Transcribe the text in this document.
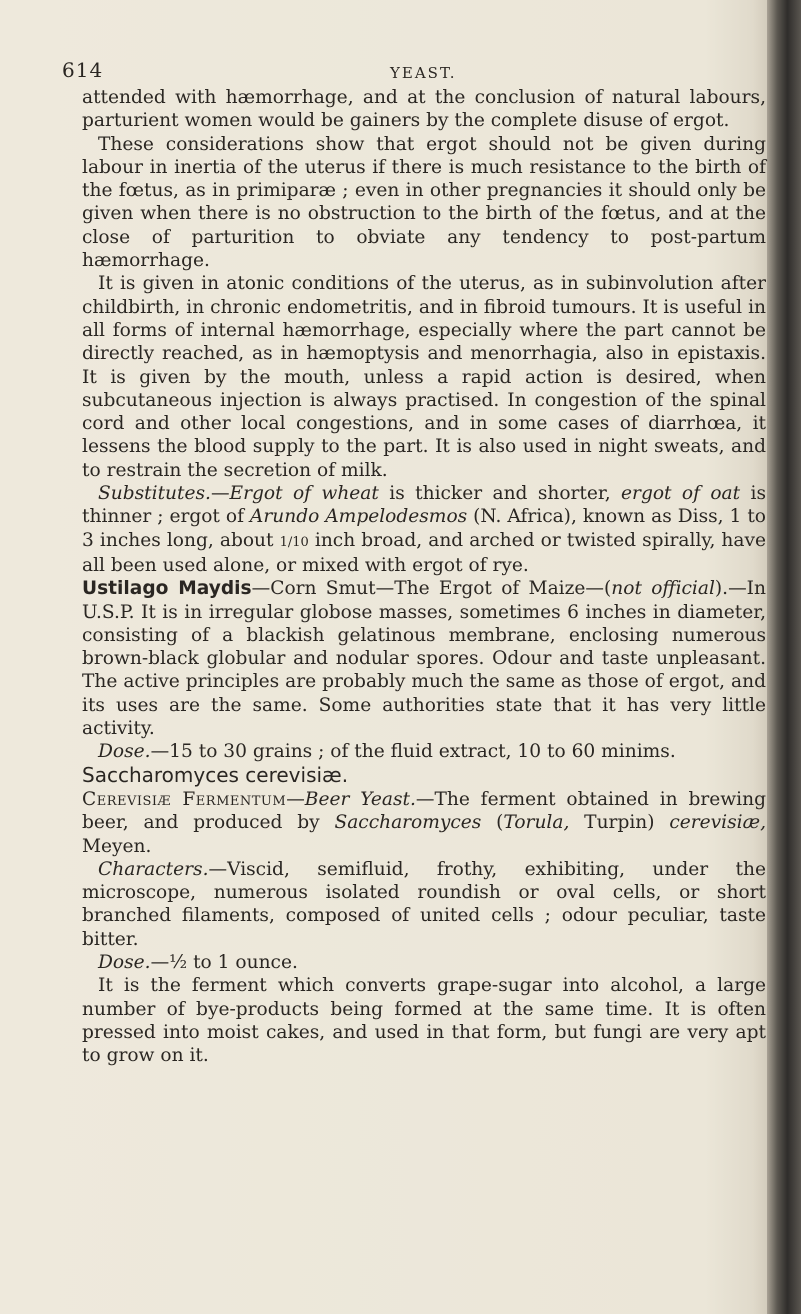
614	YEAST.

attended with hæmorrhage, and at the conclusion of natural labours, parturient women would be gainers by the complete disuse of ergot.

These considerations show that ergot should not be given during labour in inertia of the uterus if there is much resistance to the birth of the fœtus, as in primiparæ ; even in other pregnancies it should only be given when there is no obstruction to the birth of the fœtus, and at the close of parturition to obviate any tendency to post-partum hæmorrhage.

It is given in atonic conditions of the uterus, as in subinvolution after childbirth, in chronic endometritis, and in fibroid tumours. It is useful in all forms of internal hæmorrhage, especially where the part cannot be directly reached, as in hæmoptysis and menorrhagia, also in epistaxis. It is given by the mouth, unless a rapid action is desired, when subcutaneous injection is always practised. In congestion of the spinal cord and other local congestions, and in some cases of diarrhœa, it lessens the blood supply to the part. It is also used in night sweats, and to restrain the secretion of milk.

Substitutes.—Ergot of wheat is thicker and shorter, ergot of oat is thinner ; ergot of Arundo Ampelodesmos (N. Africa), known as Diss, 1 to 3 inches long, about 1/10 inch broad, and arched or twisted spirally, have all been used alone, or mixed with ergot of rye.

Ustilago Maydis—Corn Smut—The Ergot of Maize—(not official).—In U.S.P. It is in irregular globose masses, sometimes 6 inches in diameter, consisting of a blackish gelatinous membrane, enclosing numerous brown-black globular and nodular spores. Odour and taste unpleasant. The active principles are probably much the same as those of ergot, and its uses are the same. Some authorities state that it has very little activity.

Dose.—15 to 30 grains ; of the fluid extract, 10 to 60 minims.

Saccharomyces cerevisiæ.

Cerevisiæ Fermentum—Beer Yeast.—The ferment obtained in brewing beer, and produced by Saccharomyces (Torula, Turpin) cerevisiæ, Meyen.

Characters.—Viscid, semifluid, frothy, exhibiting, under the microscope, numerous isolated roundish or oval cells, or short branched filaments, composed of united cells ; odour peculiar, taste bitter.

Dose.—½ to 1 ounce.

It is the ferment which converts grape-sugar into alcohol, a large number of bye-products being formed at the same time. It is often pressed into moist cakes, and used in that form, but fungi are very apt to grow on it.
